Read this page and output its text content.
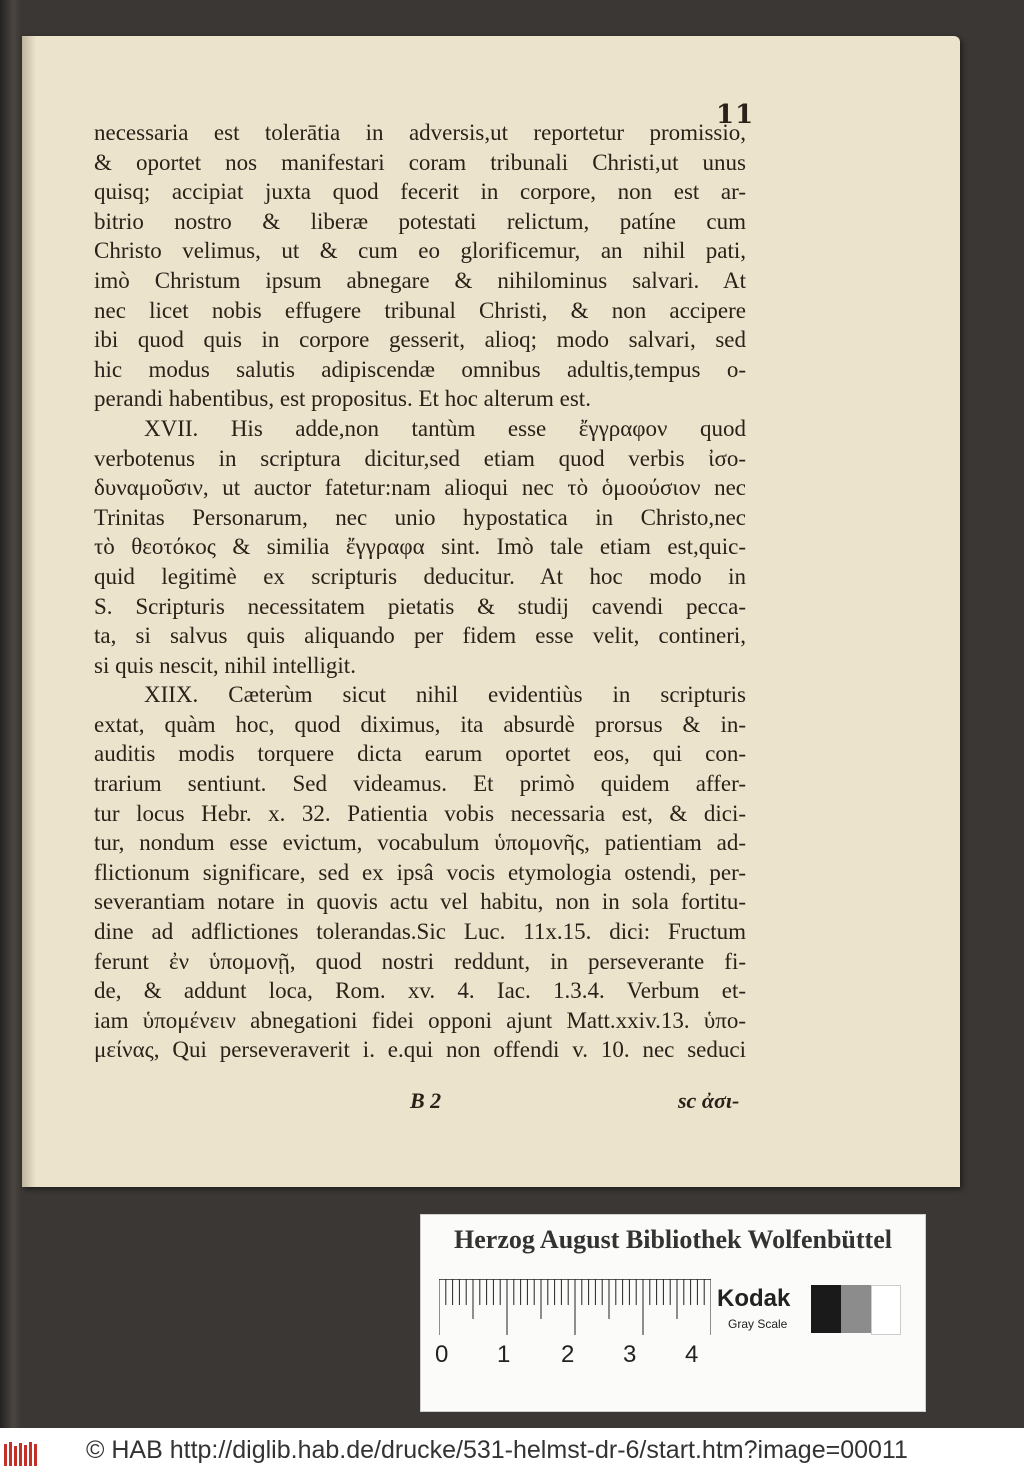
11
necessaria est tolerātia in adversis,ut reportetur promissio,
& oportet nos manifestari coram tribunali Christi,ut unus
quisq; accipiat juxta quod fecerit in corpore, non est ar-
bitrio nostro & liberæ potestati relictum, patíne cum
Christo velimus, ut & cum eo glorificemur, an nihil pati,
imò Christum ipsum abnegare & nihilominus salvari. At
nec licet nobis effugere tribunal Christi, & non accipere
ibi quod quis in corpore gesserit, alioq; modo salvari, sed
hic modus salutis adipiscendæ omnibus adultis,tempus o-
perandi habentibus, est propositus. Et hoc alterum est.
XVII. His adde,non tantùm esse ἔγγραφον quod
verbotenus in scriptura dicitur,sed etiam quod verbis ἰσο-
δυναμοῦσιν, ut auctor fatetur:nam alioqui nec τὸ ὁμοούσιον nec
Trinitas Personarum, nec unio hypostatica in Christo,nec
τὸ θεοτόκος & similia ἔγγραφα sint. Imò tale etiam est,quic-
quid legitimè ex scripturis deducitur. At hoc modo in
S. Scripturis necessitatem pietatis & studij cavendi pecca-
ta, si salvus quis aliquando per fidem esse velit, contineri,
si quis nescit, nihil intelligit.
XIIX. Cæterùm sicut nihil evidentiùs in scripturis
extat, quàm hoc, quod diximus, ita absurdè prorsus & in-
auditis modis torquere dicta earum oportet eos, qui con-
trarium sentiunt. Sed videamus. Et primò quidem affer-
tur locus Hebr. x. 32. Patientia vobis necessaria est, & dici-
tur, nondum esse evictum, vocabulum ὑπομονῆς, patientiam ad-
flictionum significare, sed ex ipsâ vocis etymologia ostendi, per-
severantiam notare in quovis actu vel habitu, non in sola fortitu-
dine ad adflictiones tolerandas.Sic Luc. 11x.15. dici: Fructum
ferunt ἐν ὑπομονῇ, quod nostri reddunt, in perseverante fi-
de, & addunt loca, Rom. xv. 4. Iac. 1.3.4. Verbum et-
iam ὑπομένειν abnegationi fidei opponi ajunt Matt.xxiv.13. ὑπο-
μείνας, Qui perseveraverit i. e.qui non offendi v. 10. nec seduci
B 2	sc ἀσι-
Herzog August Bibliothek Wolfenbüttel
0 1 2 3 4
Kodak
Gray Scale
© HAB http://diglib.hab.de/drucke/531-helmst-dr-6/start.htm?image=00011
